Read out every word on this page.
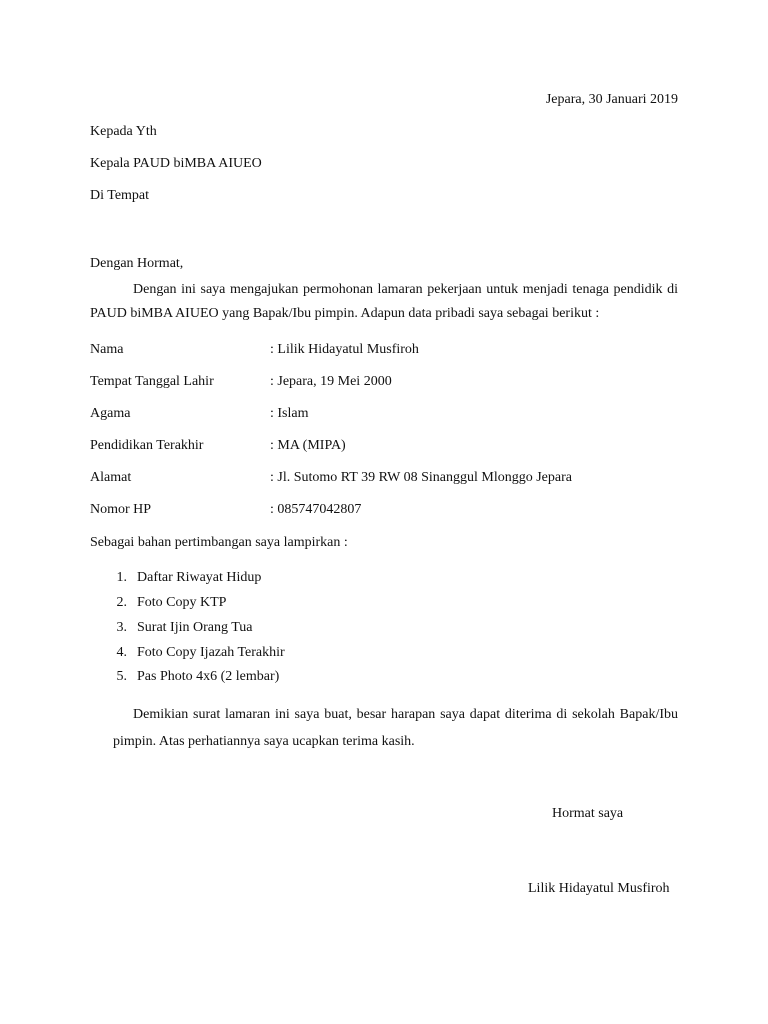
Jepara, 30 Januari 2019
Kepada Yth
Kepala PAUD biMBA AIUEO
Di Tempat
Dengan Hormat,
Dengan ini saya mengajukan permohonan lamaran pekerjaan untuk menjadi tenaga pendidik di
PAUD biMBA AIUEO yang Bapak/Ibu pimpin. Adapun data pribadi saya sebagai berikut :
Nama	: Lilik Hidayatul Musfiroh
Tempat Tanggal Lahir	: Jepara, 19 Mei 2000
Agama	: Islam
Pendidikan Terakhir	: MA (MIPA)
Alamat	: Jl. Sutomo RT 39 RW 08 Sinanggul Mlonggo Jepara
Nomor HP	: 085747042807
Sebagai bahan pertimbangan saya lampirkan :
1. Daftar Riwayat Hidup
2. Foto Copy KTP
3. Surat Ijin Orang Tua
4. Foto Copy Ijazah Terakhir
5. Pas Photo 4x6 (2 lembar)
Demikian surat lamaran ini saya buat, besar harapan saya dapat diterima di sekolah Bapak/Ibu
pimpin. Atas perhatiannya saya ucapkan terima kasih.
Hormat saya
Lilik Hidayatul Musfiroh
